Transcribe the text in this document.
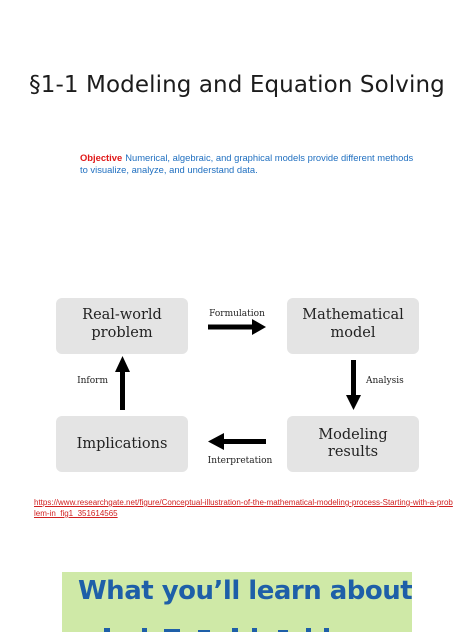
§1-1 Modeling and Equation Solving
Objective Numerical, algebraic, and graphical models provide different methods
to visualize, analyze, and understand data.
Real-world
problem
Mathematical
model
Modeling
results
Implications
Formulation
Analysis
Interpretation
Inform
https://www.researchgate.net/figure/Conceptual-illustration-of-the-mathematical-modeling-process-Starting-with-a-problem-in_fig1_351614565
What you’ll learn about
